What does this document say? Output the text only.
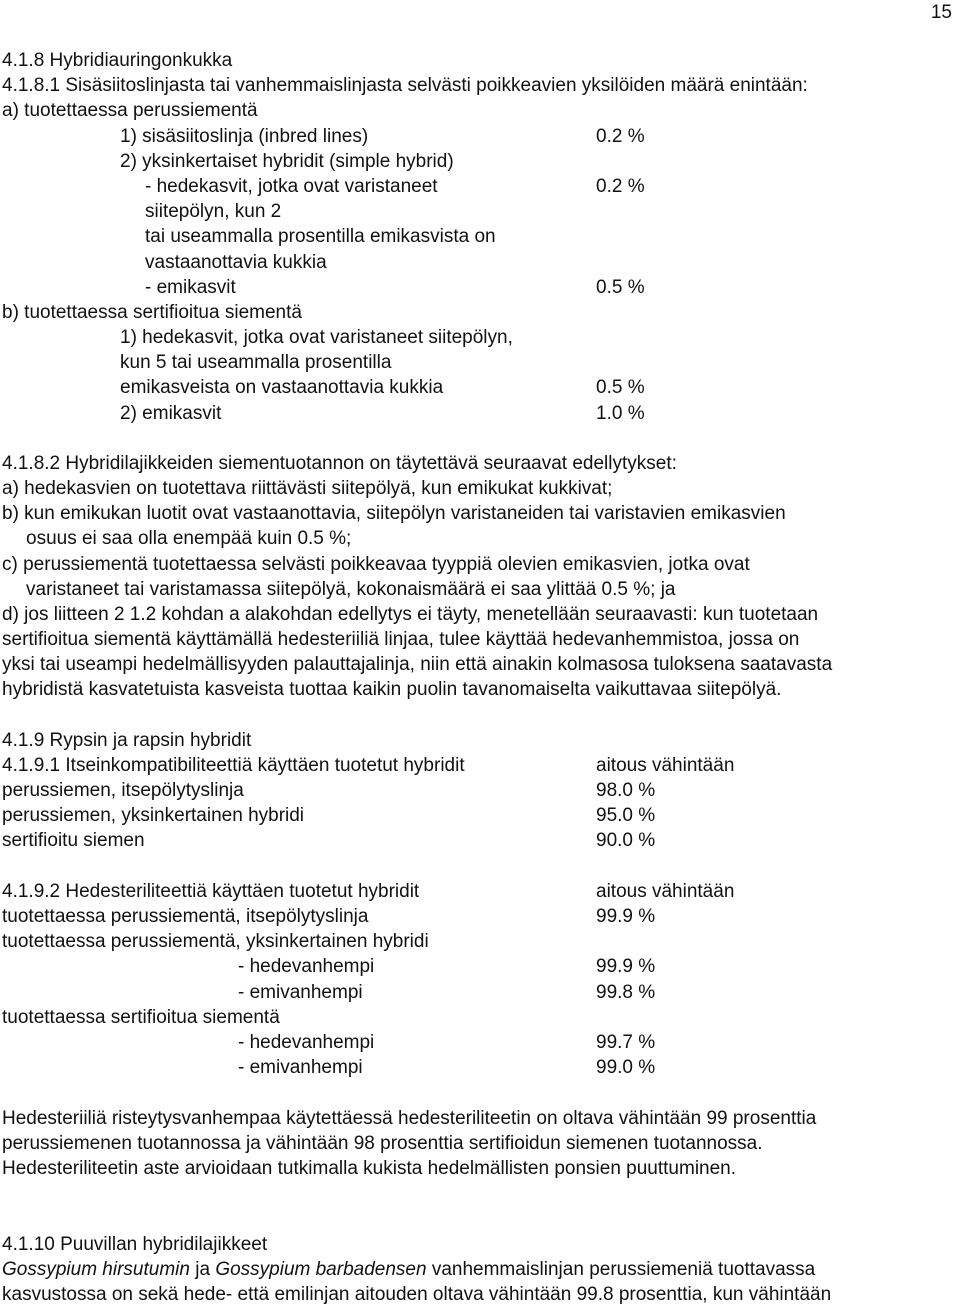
15
4.1.8 Hybridiauringonkukka
4.1.8.1 Sisäsiitoslinjasta tai vanhemmaislinjasta selvästi poikkeavien yksilöiden määrä enintään:
a) tuotettaessa perussiementä
1) sisäsiitoslinja (inbred lines)	0.2 %
2) yksinkertaiset hybridit (simple hybrid)
- hedekasvit, jotka ovat varistaneet	0.2 %
siitepölyn, kun 2
tai useammalla prosentilla emikasvista on
vastaanottavia kukkia
- emikasvit	0.5 %
b) tuotettaessa sertifioitua siementä
1) hedekasvit, jotka ovat varistaneet siitepölyn,
kun 5 tai useammalla prosentilla
emikasveista on vastaanottavia kukkia	0.5 %
2) emikasvit	1.0 %
4.1.8.2 Hybridilajikkeiden siementuotannon on täytettävä seuraavat edellytykset:
a) hedekasvien on tuotettava riittävästi siitepölyä, kun emikukat kukkivat;
b) kun emikukan luotit ovat vastaanottavia, siitepölyn varistaneiden tai varistavien emikasvien
osuus ei saa olla enempää kuin 0.5 %;
c) perussiementä tuotettaessa selvästi poikkeavaa tyyppiä olevien emikasvien, jotka ovat
varistaneet tai varistamassa siitepölyä, kokonaismäärä ei saa ylittää 0.5 %; ja
d) jos liitteen 2 1.2 kohdan a alakohdan edellytys ei täyty, menetellään seuraavasti: kun tuotetaan
sertifioitua siementä käyttämällä hedesteriiliä linjaa, tulee käyttää hedevanhemmistoa, jossa on
yksi tai useampi hedelmällisyyden palauttajalinja, niin että ainakin kolmasosa tuloksena saatavasta
hybridistä kasvatetuista kasveista tuottaa kaikin puolin tavanomaiselta vaikuttavaa siitepölyä.
4.1.9 Rypsin ja rapsin hybridit
4.1.9.1 Itseinkompatibiliteettiä käyttäen tuotetut hybridit	aitous vähintään
perussiemen, itsepölytyslinja	98.0 %
perussiemen, yksinkertainen hybridi	95.0 %
sertifioitu siemen	90.0 %
4.1.9.2 Hedesteriliteettiä käyttäen tuotetut hybridit	aitous vähintään
tuotettaessa perussiementä, itsepölytyslinja	99.9 %
tuotettaessa perussiementä, yksinkertainen hybridi
- hedevanhempi	99.9 %
- emivanhempi	99.8 %
tuotettaessa sertifioitua siementä
- hedevanhempi	99.7 %
- emivanhempi	99.0 %
Hedesteriiliä risteytysvanhempaa käytettäessä hedesteriliteetin on oltava vähintään 99 prosenttia
perussiemenen tuotannossa ja vähintään 98 prosenttia sertifioidun siemenen tuotannossa.
Hedesteriliteetin aste arvioidaan tutkimalla kukista hedelmällisten ponsien puuttuminen.
4.1.10 Puuvillan hybridilajikkeet
Gossypium hirsutumin ja Gossypium barbadensen vanhemmaislinjan perussiemeniä tuottavassa
kasvustossa on sekä hede- että emilinjan aitouden oltava vähintään 99.8 prosenttia, kun vähintään
